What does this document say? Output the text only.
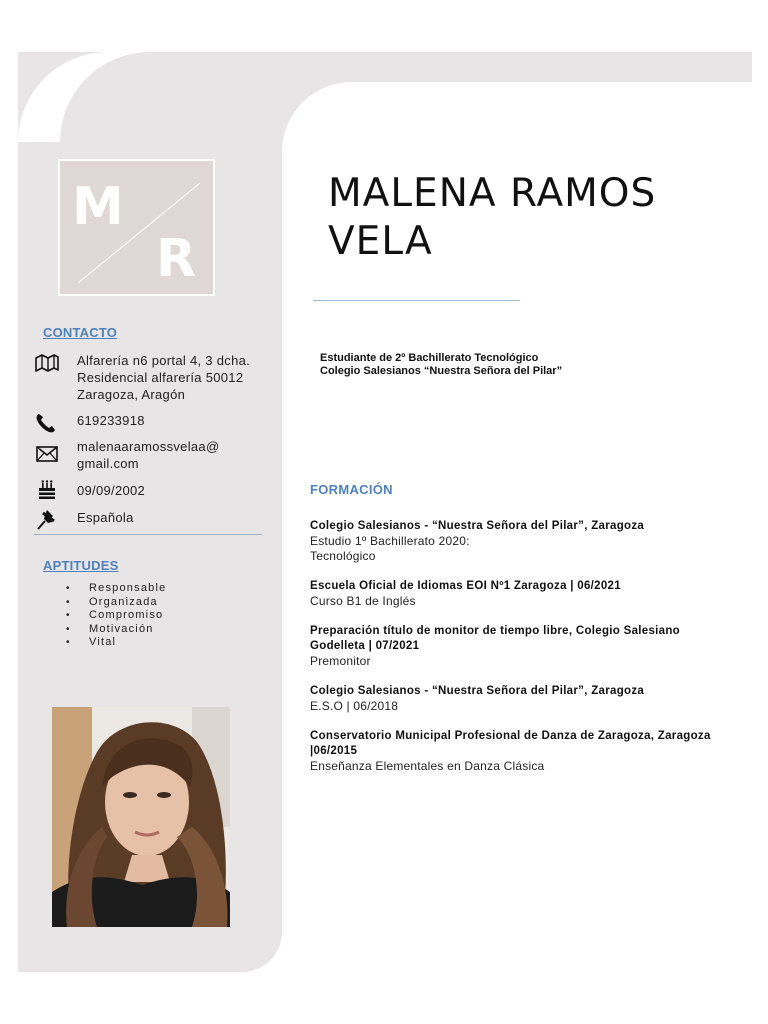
M
R
CONTACTO
Alfarería n6 portal 4, 3 dcha.
Residencial alfarería 50012
Zaragoza, Aragón
619233918
malenaaramossvelaa@
gmail.com
09/09/2002
Española
APTITUDES
• Responsable
• Organizada
• Compromiso
• Motivación
• Vital
MALENA RAMOS
VELA
Estudiante de 2º Bachillerato Tecnológico
Colegio Salesianos “Nuestra Señora del Pilar”
FORMACIÓN
Colegio Salesianos - “Nuestra Señora del Pilar”, Zaragoza
Estudio 1º Bachillerato 2020:
Tecnológico
Escuela Oficial de Idiomas EOI Nº1 Zaragoza | 06/2021
Curso B1 de Inglés
Preparación título de monitor de tiempo libre, Colegio Salesiano Godelleta | 07/2021
Premonitor
Colegio Salesianos - “Nuestra Señora del Pilar”, Zaragoza
E.S.O | 06/2018
Conservatorio Municipal Profesional de Danza de Zaragoza, Zaragoza |06/2015
Enseñanza Elementales en Danza Clásica
